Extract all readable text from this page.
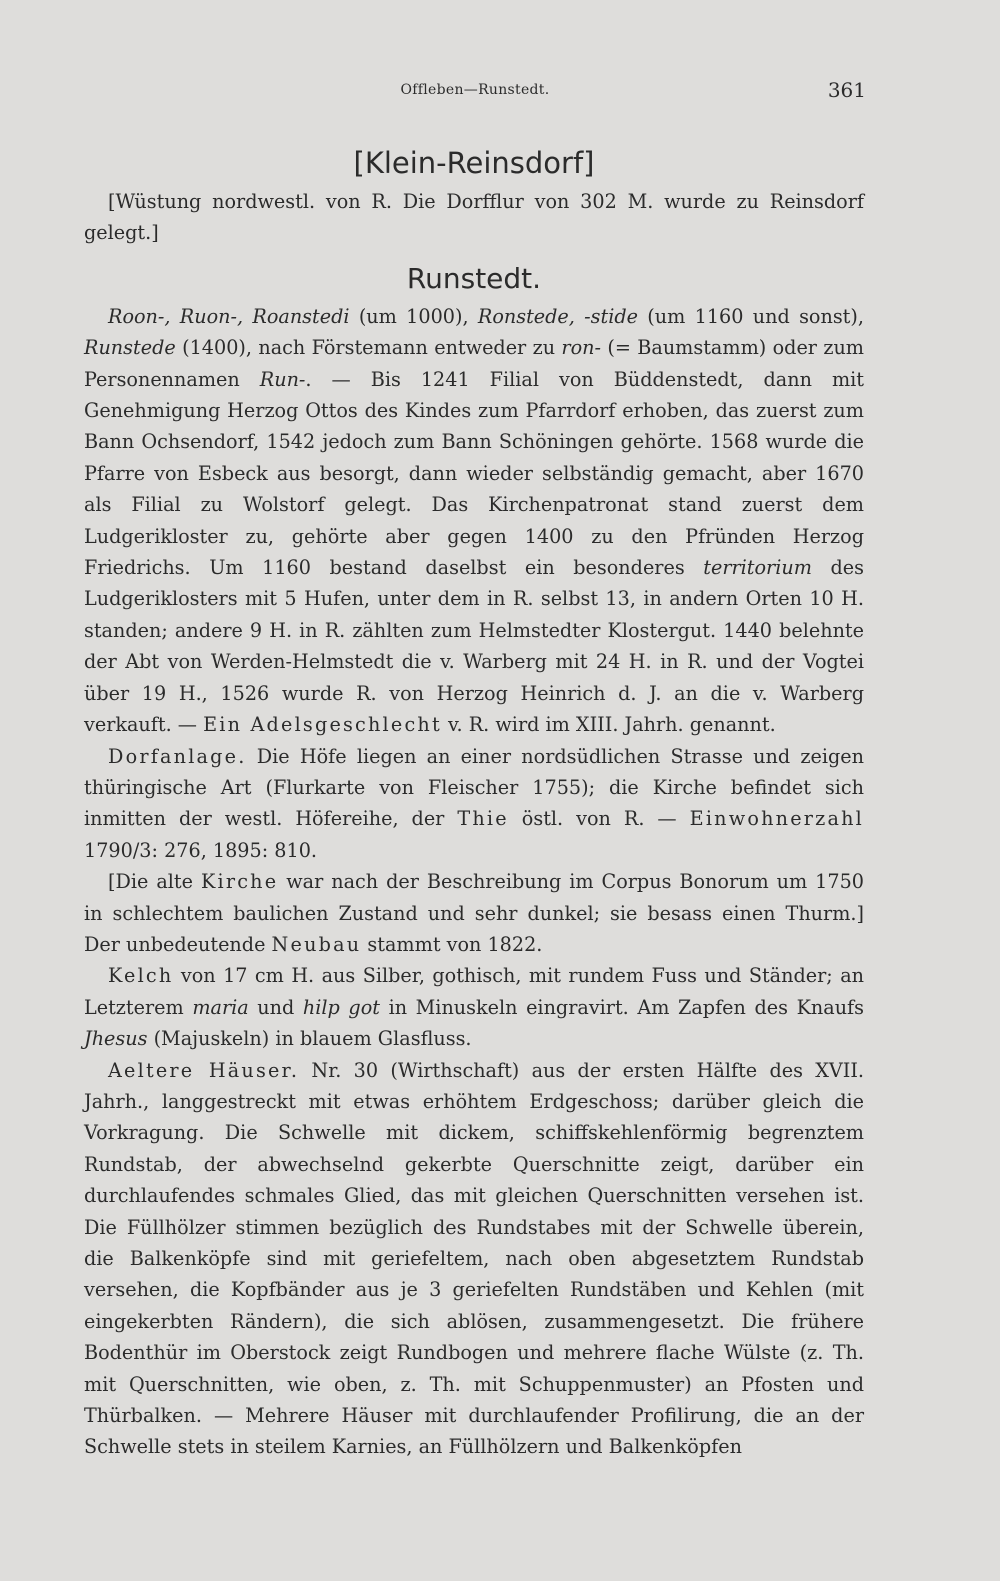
Offleben—Runstedt.	361
[Klein-Reinsdorf]

[Wüstung nordwestl. von R. Die Dorfflur von 302 M. wurde zu Reinsdorf gelegt.]

Runstedt.

Roon-, Ruon-, Roanstedi (um 1000), Ronstede, -stide (um 1160 und sonst), Runstede (1400), nach Förstemann entweder zu ron- (= Baumstamm) oder zum Personennamen Run-. — Bis 1241 Filial von Büddenstedt, dann mit Genehmigung Herzog Ottos des Kindes zum Pfarrdorf erhoben, das zuerst zum Bann Ochsendorf, 1542 jedoch zum Bann Schöningen gehörte. 1568 wurde die Pfarre von Esbeck aus besorgt, dann wieder selbständig gemacht, aber 1670 als Filial zu Wolstorf gelegt. Das Kirchenpatronat stand zuerst dem Ludgerikloster zu, gehörte aber gegen 1400 zu den Pfründen Herzog Friedrichs. Um 1160 bestand daselbst ein besonderes territorium des Ludgeriklosters mit 5 Hufen, unter dem in R. selbst 13, in andern Orten 10 H. standen; andere 9 H. in R. zählten zum Helmstedter Klostergut. 1440 belehnte der Abt von Werden-Helmstedt die v. Warberg mit 24 H. in R. und der Vogtei über 19 H., 1526 wurde R. von Herzog Heinrich d. J. an die v. Warberg verkauft. — Ein Adelsgeschlecht v. R. wird im XIII. Jahrh. genannt.

Dorfanlage. Die Höfe liegen an einer nordsüdlichen Strasse und zeigen thüringische Art (Flurkarte von Fleischer 1755); die Kirche befindet sich inmitten der westl. Höfereihe, der Thie östl. von R. — Einwohnerzahl 1790/3: 276, 1895: 810.

[Die alte Kirche war nach der Beschreibung im Corpus Bonorum um 1750 in schlechtem baulichen Zustand und sehr dunkel; sie besass einen Thurm.] Der unbedeutende Neubau stammt von 1822.

Kelch von 17 cm H. aus Silber, gothisch, mit rundem Fuss und Ständer; an Letzterem maria und hilp got in Minuskeln eingravirt. Am Zapfen des Knaufs Jhesus (Majuskeln) in blauem Glasfluss.

Aeltere Häuser. Nr. 30 (Wirthschaft) aus der ersten Hälfte des XVII. Jahrh., langgestreckt mit etwas erhöhtem Erdgeschoss; darüber gleich die Vorkragung. Die Schwelle mit dickem, schiffskehlenförmig begrenztem Rundstab, der abwechselnd gekerbte Querschnitte zeigt, darüber ein durchlaufendes schmales Glied, das mit gleichen Querschnitten versehen ist. Die Füllhölzer stimmen bezüglich des Rundstabes mit der Schwelle überein, die Balkenköpfe sind mit geriefeltem, nach oben abgesetztem Rundstab versehen, die Kopfbänder aus je 3 geriefelten Rundstäben und Kehlen (mit eingekerbten Rändern), die sich ablösen, zusammengesetzt. Die frühere Bodenthür im Oberstock zeigt Rundbogen und mehrere flache Wülste (z. Th. mit Querschnitten, wie oben, z. Th. mit Schuppenmuster) an Pfosten und Thürbalken. — Mehrere Häuser mit durchlaufender Profilirung, die an der Schwelle stets in steilem Karnies, an Füllhölzern und Balkenköpfen
